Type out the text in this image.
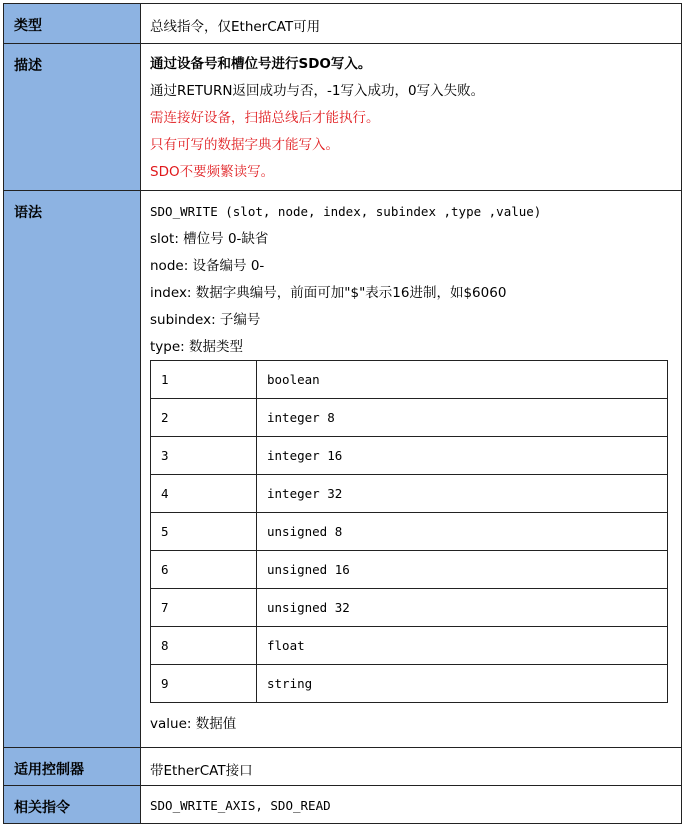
类型	总线指令，仅EtherCAT可用
描述	通过设备号和槽位号进行SDO写入。
通过RETURN返回成功与否，-1写入成功，0写入失败。
需连接好设备，扫描总线后才能执行。
只有可写的数据字典才能写入。
SDO不要频繁读写。

语法	SDO_WRITE (slot, node, index, subindex ,type ,value)
slot: 槽位号 0-缺省
node: 设备编号 0-
index: 数据字典编号，前面可加"$"表示16进制，如$6060
subindex: 子编号
type: 数据类型
1	boolean
2	integer 8
3	integer 16
4	integer 32
5	unsigned 8
6	unsigned 16
7	unsigned 32
8	float
9	string
value: 数据值

适用控制器	带EtherCAT接口
相关指令	SDO_WRITE_AXIS, SDO_READ
